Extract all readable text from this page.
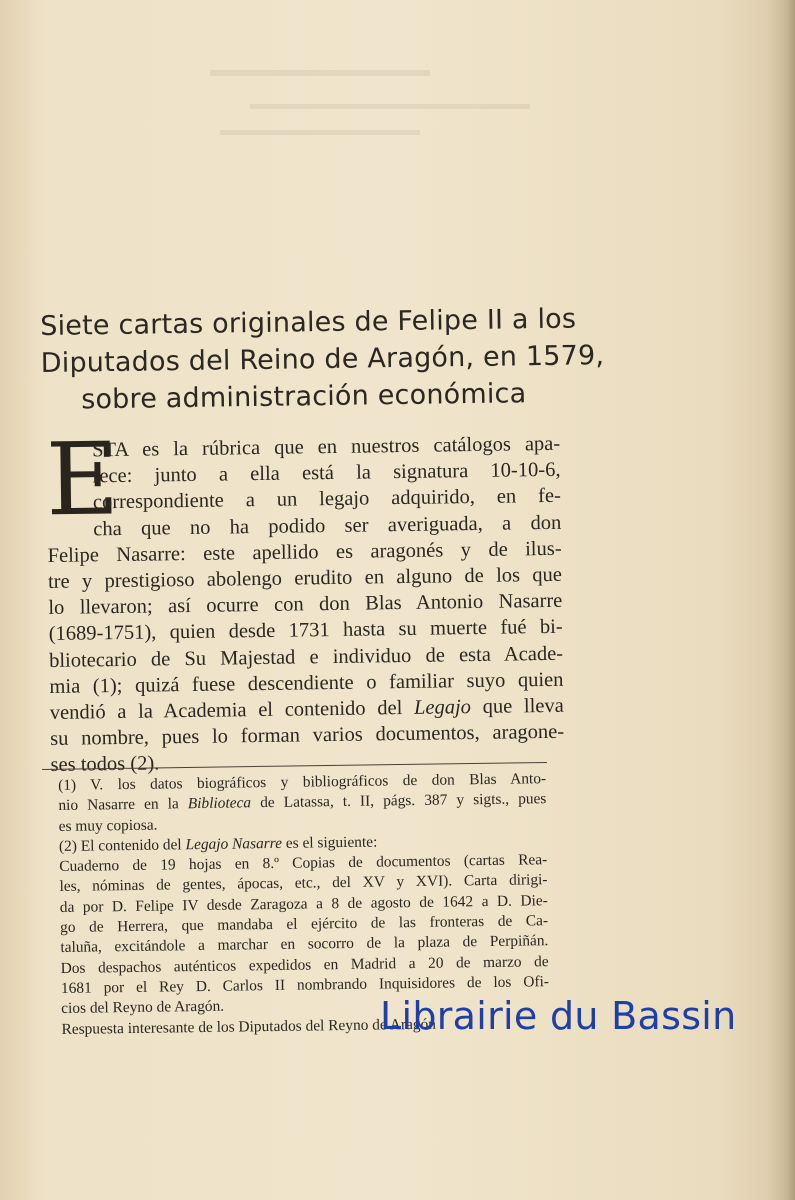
Siete cartas originales de Felipe II a los
Diputados del Reino de Aragón, en 1579,
sobre administración económica
E
STA es la rúbrica que en nuestros catálogos apa-
rece: junto a ella está la signatura 10-10-6,
correspondiente a un legajo adquirido, en fe-
cha que no ha podido ser averiguada, a don
Felipe Nasarre: este apellido es aragonés y de ilus-
tre y prestigioso abolengo erudito en alguno de los que
lo llevaron; así ocurre con don Blas Antonio Nasarre
(1689-1751), quien desde 1731 hasta su muerte fué bi-
bliotecario de Su Majestad e individuo de esta Acade-
mia (1); quizá fuese descendiente o familiar suyo quien
vendió a la Academia el contenido del Legajo que lleva
su nombre, pues lo forman varios documentos, aragone-
ses todos (2).
(1) V. los datos biográficos y bibliográficos de don Blas Anto-
nio Nasarre en la Biblioteca de Latassa, t. II, págs. 387 y sigts., pues
es muy copiosa.
(2) El contenido del Legajo Nasarre es el siguiente:
Cuaderno de 19 hojas en 8.º Copias de documentos (cartas Rea-
les, nóminas de gentes, ápocas, etc., del XV y XVI). Carta dirigi-
da por D. Felipe IV desde Zaragoza a 8 de agosto de 1642 a D. Die-
go de Herrera, que mandaba el ejército de las fronteras de Ca-
taluña, excitándole a marchar en socorro de la plaza de Perpiñán.
Dos despachos auténticos expedidos en Madrid a 20 de marzo de
1681 por el Rey D. Carlos II nombrando Inquisidores de los Ofi-
cios del Reyno de Aragón.
Respuesta interesante de los Diputados del Reyno de Aragón
Librairie du Bassin
